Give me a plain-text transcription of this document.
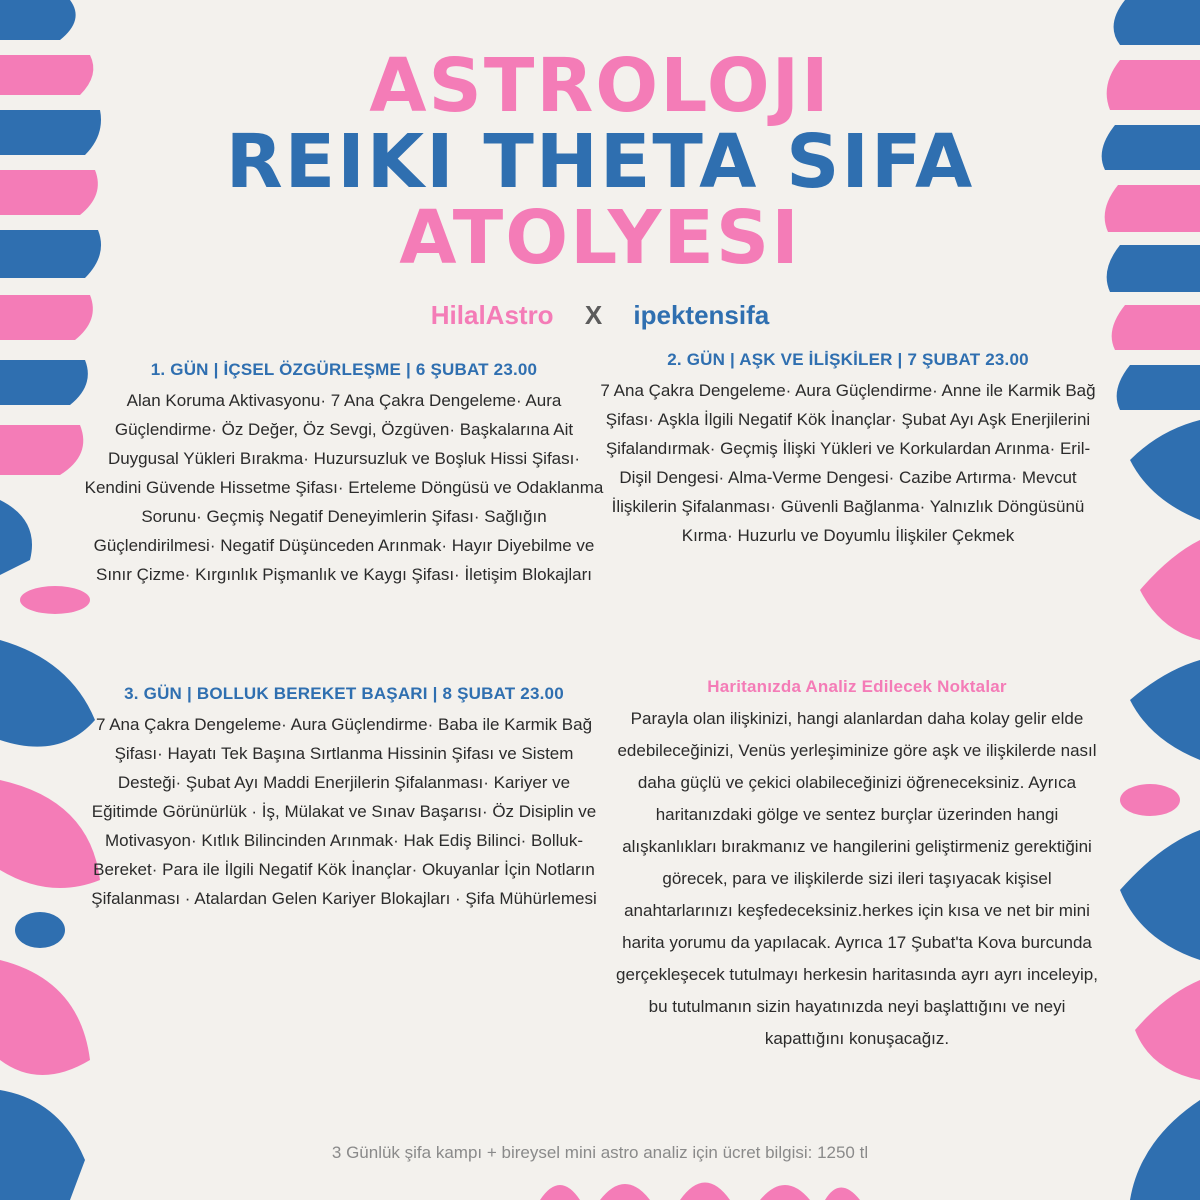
ASTROLOJI
REIKI THETA SIFA
ATOLYESI
HilalAstro X ipektensifa
1. GÜN | İÇSEL ÖZGÜRLEŞME | 6 ŞUBAT 23.00

Alan Koruma Aktivasyonu· 7 Ana Çakra Dengeleme· Aura Güçlendirme· Öz Değer, Öz Sevgi, Özgüven· Başkalarına Ait Duygusal Yükleri Bırakma· Huzursuzluk ve Boşluk Hissi Şifası· Kendini Güvende Hissetme Şifası· Erteleme Döngüsü ve Odaklanma Sorunu· Geçmiş Negatif Deneyimlerin Şifası· Sağlığın Güçlendirilmesi· Negatif Düşünceden Arınmak· Hayır Diyebilme ve Sınır Çizme· Kırgınlık Pişmanlık ve Kaygı Şifası· İletişim Blokajları

2. GÜN | AŞK VE İLİŞKİLER | 7 ŞUBAT 23.00

7 Ana Çakra Dengeleme· Aura Güçlendirme· Anne ile Karmik Bağ Şifası· Aşkla İlgili Negatif Kök İnançlar· Şubat Ayı Aşk Enerjilerini Şifalandırmak· Geçmiş İlişki Yükleri ve Korkulardan Arınma· Eril-Dişil Dengesi· Alma-Verme Dengesi· Cazibe Artırma· Mevcut İlişkilerin Şifalanması· Güvenli Bağlanma· Yalnızlık Döngüsünü Kırma· Huzurlu ve Doyumlu İlişkiler Çekmek

3. GÜN | BOLLUK BEREKET BAŞARI | 8 ŞUBAT 23.00

7 Ana Çakra Dengeleme· Aura Güçlendirme· Baba ile Karmik Bağ Şifası· Hayatı Tek Başına Sırtlanma Hissinin Şifası ve Sistem Desteği· Şubat Ayı Maddi Enerjilerin Şifalanması· Kariyer ve Eğitimde Görünürlük · İş, Mülakat ve Sınav Başarısı· Öz Disiplin ve Motivasyon· Kıtlık Bilincinden Arınmak· Hak Ediş Bilinci· Bolluk-Bereket· Para ile İlgili Negatif Kök İnançlar· Okuyanlar İçin Notların Şifalanması · Atalardan Gelen Kariyer Blokajları · Şifa Mühürlemesi

Haritanızda Analiz Edilecek Noktalar

Parayla olan ilişkinizi, hangi alanlardan daha kolay gelir elde edebileceğinizi, Venüs yerleşiminize göre aşk ve ilişkilerde nasıl daha güçlü ve çekici olabileceğinizi öğreneceksiniz. Ayrıca haritanızdaki gölge ve sentez burçlar üzerinden hangi alışkanlıkları bırakmanız ve hangilerini geliştirmeniz gerektiğini görecek, para ve ilişkilerde sizi ileri taşıyacak kişisel anahtarlarınızı keşfedeceksiniz.herkes için kısa ve net bir mini harita yorumu da yapılacak. Ayrıca 17 Şubat'ta Kova burcunda gerçekleşecek tutulmayı herkesin haritasında ayrı ayrı inceleyip, bu tutulmanın sizin hayatınızda neyi başlattığını ve neyi kapattığını konuşacağız.

3 Günlük şifa kampı + bireysel mini astro analiz için ücret bilgisi: 1250 tl
